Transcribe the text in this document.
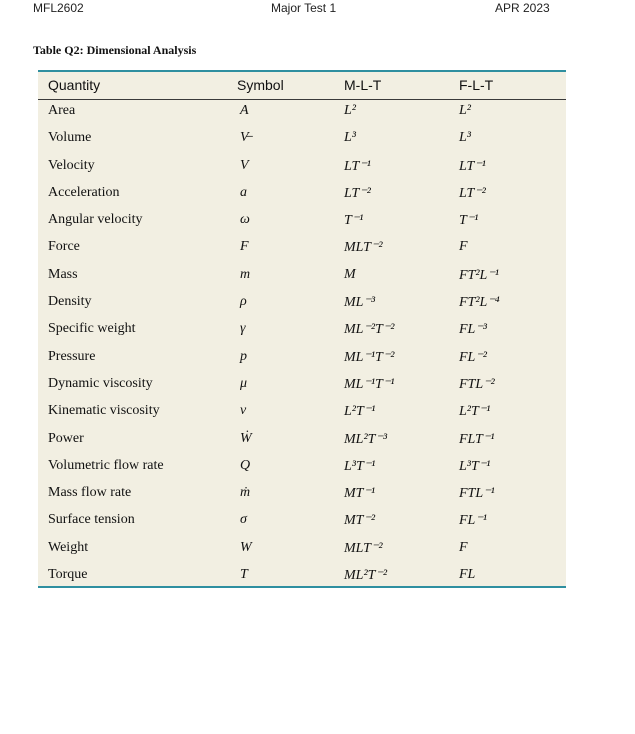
MFL2602	Major Test 1	APR 2023
Table Q2: Dimensional Analysis
Quantity	Symbol	M-L-T	F-L-T
Area	A	L²	L²
Volume	V̶	L³	L³
Velocity	V	LT⁻¹	LT⁻¹
Acceleration	a	LT⁻²	LT⁻²
Angular velocity	ω	T⁻¹	T⁻¹
Force	F	MLT⁻²	F
Mass	m	M	FT²L⁻¹
Density	ρ	ML⁻³	FT²L⁻⁴
Specific weight	γ	ML⁻²T⁻²	FL⁻³
Pressure	p	ML⁻¹T⁻²	FL⁻²
Dynamic viscosity	μ	ML⁻¹T⁻¹	FTL⁻²
Kinematic viscosity	ν	L²T⁻¹	L²T⁻¹
Power	Ẇ	ML²T⁻³	FLT⁻¹
Volumetric flow rate	Q	L³T⁻¹	L³T⁻¹
Mass flow rate	ṁ	MT⁻¹	FTL⁻¹
Surface tension	σ	MT⁻²	FL⁻¹
Weight	W	MLT⁻²	F
Torque	T	ML²T⁻²	FL
